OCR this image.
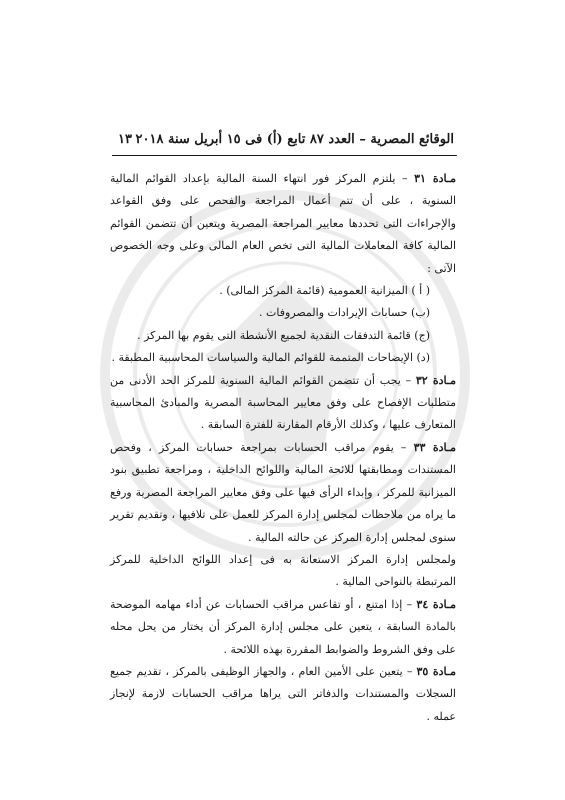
الوقائع المصرية – العدد ٨٧ تابع (أ) فى ١٥ أبريل سنة ٢٠١٨
١٣

مـادة ٣١ – يلتزم المركز فور انتهاء السنة المالية بإعداد القوائم المالية السنوية ، على أن تتم أعمال المراجعة والفحص على وفق القواعد والإجراءات التى تحددها معايير المراجعة المصرية ويتعين أن تتضمن القوائم المالية كافة المعاملات المالية التى تخص العام المالى وعلى وجه الخصوص الآتى :

( أ ) الميزانية العمومية (قائمة المركز المالى) .

(ب) حسابات الإيرادات والمصروفات .

(ج) قائمة التدفقات النقدية لجميع الأنشطة التى يقوم بها المركز .

(د) الإيضاحات المتممة للقوائم المالية والسياسات المحاسبية المطبقة .

مـادة ٣٢ – يجب أن تتضمن القوائم المالية السنوية للمركز الحد الأدنى من متطلبات الإفصاح على وفق معايير المحاسبة المصرية والمبادئ المحاسبية المتعارف عليها ، وكذلك الأرقام المقارنة للفترة السابقة .

مـادة ٣٣ – يقوم مراقب الحسابات بمراجعة حسابات المركز ، وفحص المستندات ومطابقتها للائحة المالية واللوائح الداخلية ، ومراجعة تطبيق بنود الميزانية للمركز ، وإبداء الرأى فيها على وفق معايير المراجعة المصرية ورفع ما يراه من ملاحظات لمجلس إدارة المركز للعمل على تلافيها ، وتقديم تقرير سنوى لمجلس إدارة المركز عن حالته المالية .

ولمجلس إدارة المركز الاستعانة به فى إعداد اللوائح الداخلية للمركز المرتبطة بالنواحى المالية .

مـادة ٣٤ – إذا امتنع ، أو تقاعس مراقب الحسابات عن أداء مهامه الموضحة بالمادة السابقة ، يتعين على مجلس إدارة المركز أن يختار من يحل محله على وفق الشروط والضوابط المقررة بهذه اللائحة .

مـادة ٣٥ – يتعين على الأمين العام ، والجهاز الوظيفى بالمركز ، تقديم جميع السجلات والمستندات والدفاتر التى يراها مراقب الحسابات لازمة لإنجاز عمله .
